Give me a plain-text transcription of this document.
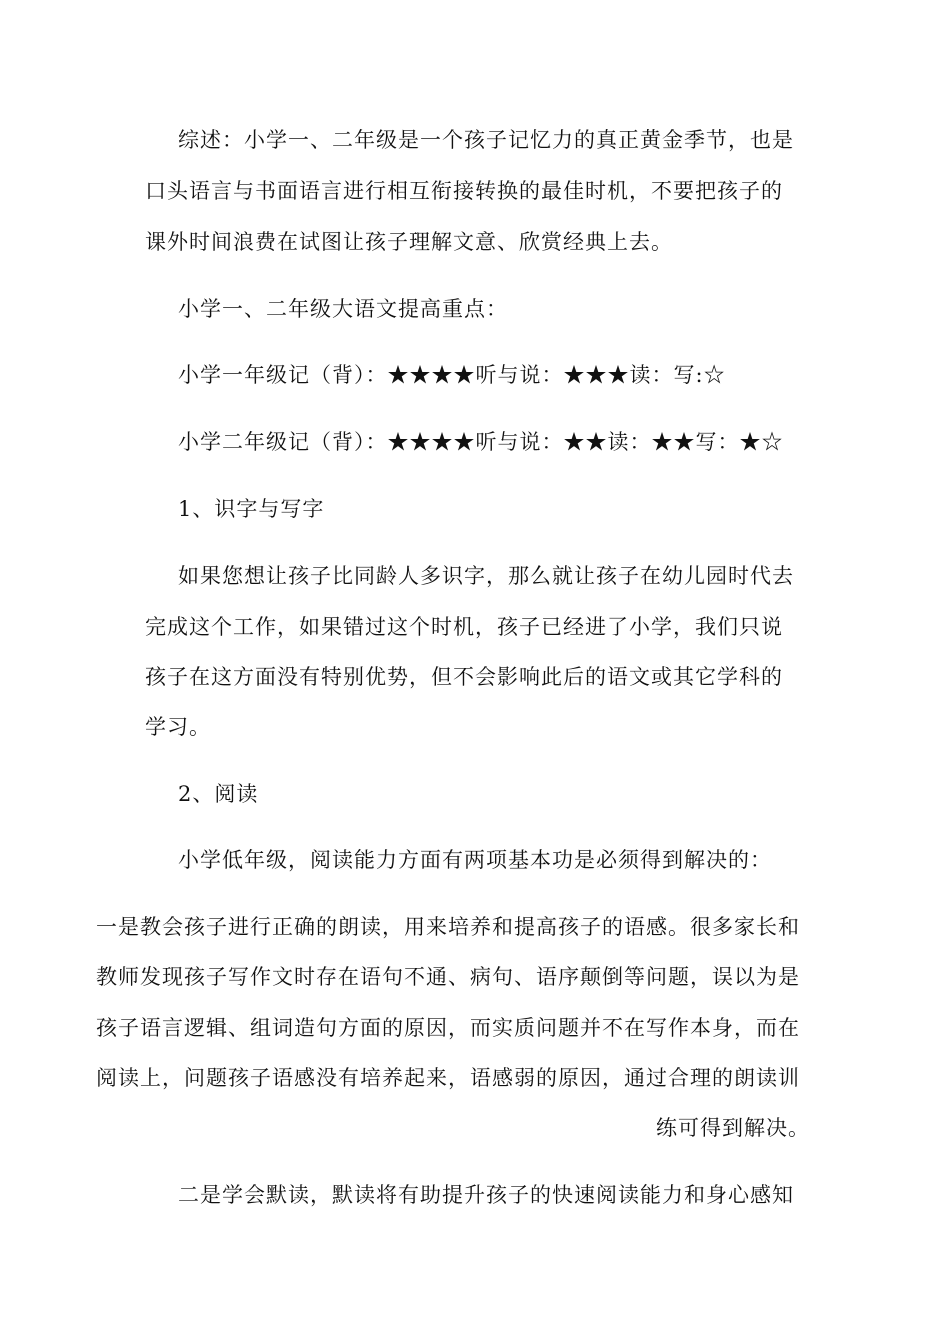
综述：小学一、二年级是一个孩子记忆力的真正黄金季节，也是
口头语言与书面语言进行相互衔接转换的最佳时机，不要把孩子的
课外时间浪费在试图让孩子理解文意、欣赏经典上去。
小学一、二年级大语文提高重点：
小学一年级记（背）：★★★★听与说：★★★读：写:☆
小学二年级记（背）：★★★★听与说：★★读：★★写：★☆
1、识字与写字
如果您想让孩子比同龄人多识字，那么就让孩子在幼儿园时代去
完成这个工作，如果错过这个时机，孩子已经进了小学，我们只说
孩子在这方面没有特别优势，但不会影响此后的语文或其它学科的
学习。
2、阅读
小学低年级，阅读能力方面有两项基本功是必须得到解决的：
一是教会孩子进行正确的朗读，用来培养和提高孩子的语感。很多家长和
教师发现孩子写作文时存在语句不通、病句、语序颠倒等问题，误以为是
孩子语言逻辑、组词造句方面的原因，而实质问题并不在写作本身，而在
阅读上，问题孩子语感没有培养起来，语感弱的原因，通过合理的朗读训
练可得到解决。
二是学会默读，默读将有助提升孩子的快速阅读能力和身心感知
